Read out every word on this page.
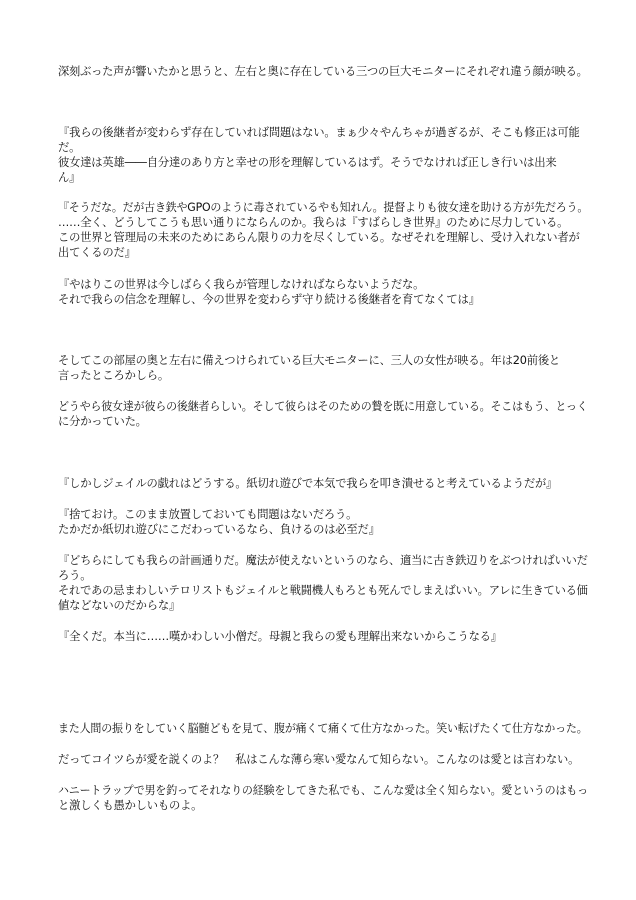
深刻ぶった声が響いたかと思うと、左右と奥に存在している三つの巨大モニターにそれぞれ違う顔が映る。

『我らの後継者が変わらず存在していれば問題はない。まぁ少々やんちゃが過ぎるが、そこも修正は可能
だ。
彼女達は英雄――自分達のあり方と幸せの形を理解しているはず。そうでなければ正しき行いは出来
ん』

『そうだな。だが古き鉄やGPOのように毒されているやも知れん。提督よりも彼女達を助ける方が先だろう。
……全く、どうしてこうも思い通りにならんのか。我らは『すばらしき世界』のために尽力している。
この世界と管理局の未来のためにあらん限りの力を尽くしている。なぜそれを理解し、受け入れない者が
出てくるのだ』

『やはりこの世界は今しばらく我らが管理しなければならないようだな。
それで我らの信念を理解し、今の世界を変わらず守り続ける後継者を育てなくては』

そしてこの部屋の奥と左右に備えつけられている巨大モニターに、三人の女性が映る。年は20前後と
言ったところかしら。

どうやら彼女達が彼らの後継者らしい。そして彼らはそのための贄を既に用意している。そこはもう、とっく
に分かっていた。

『しかしジェイルの戯れはどうする。紙切れ遊びで本気で我らを叩き潰せると考えているようだが』

『捨ておけ。このまま放置しておいても問題はないだろう。
たかだか紙切れ遊びにこだわっているなら、負けるのは必至だ』

『どちらにしても我らの計画通りだ。魔法が使えないというのなら、適当に古き鉄辺りをぶつければいいだ
ろう。
それであの忌まわしいテロリストもジェイルと戦闘機人もろとも死んでしまえばいい。アレに生きている価
値などないのだからな』

『全くだ。本当に……嘆かわしい小僧だ。母親と我らの愛も理解出来ないからこうなる』

また人間の振りをしていく脳髄どもを見て、腹が痛くて痛くて仕方なかった。笑い転げたくて仕方なかった。

だってコイツらが愛を説くのよ？　私はこんな薄ら寒い愛なんて知らない。こんなのは愛とは言わない。

ハニートラップで男を釣ってそれなりの経験をしてきた私でも、こんな愛は全く知らない。愛というのはもっ
と激しくも愚かしいものよ。
